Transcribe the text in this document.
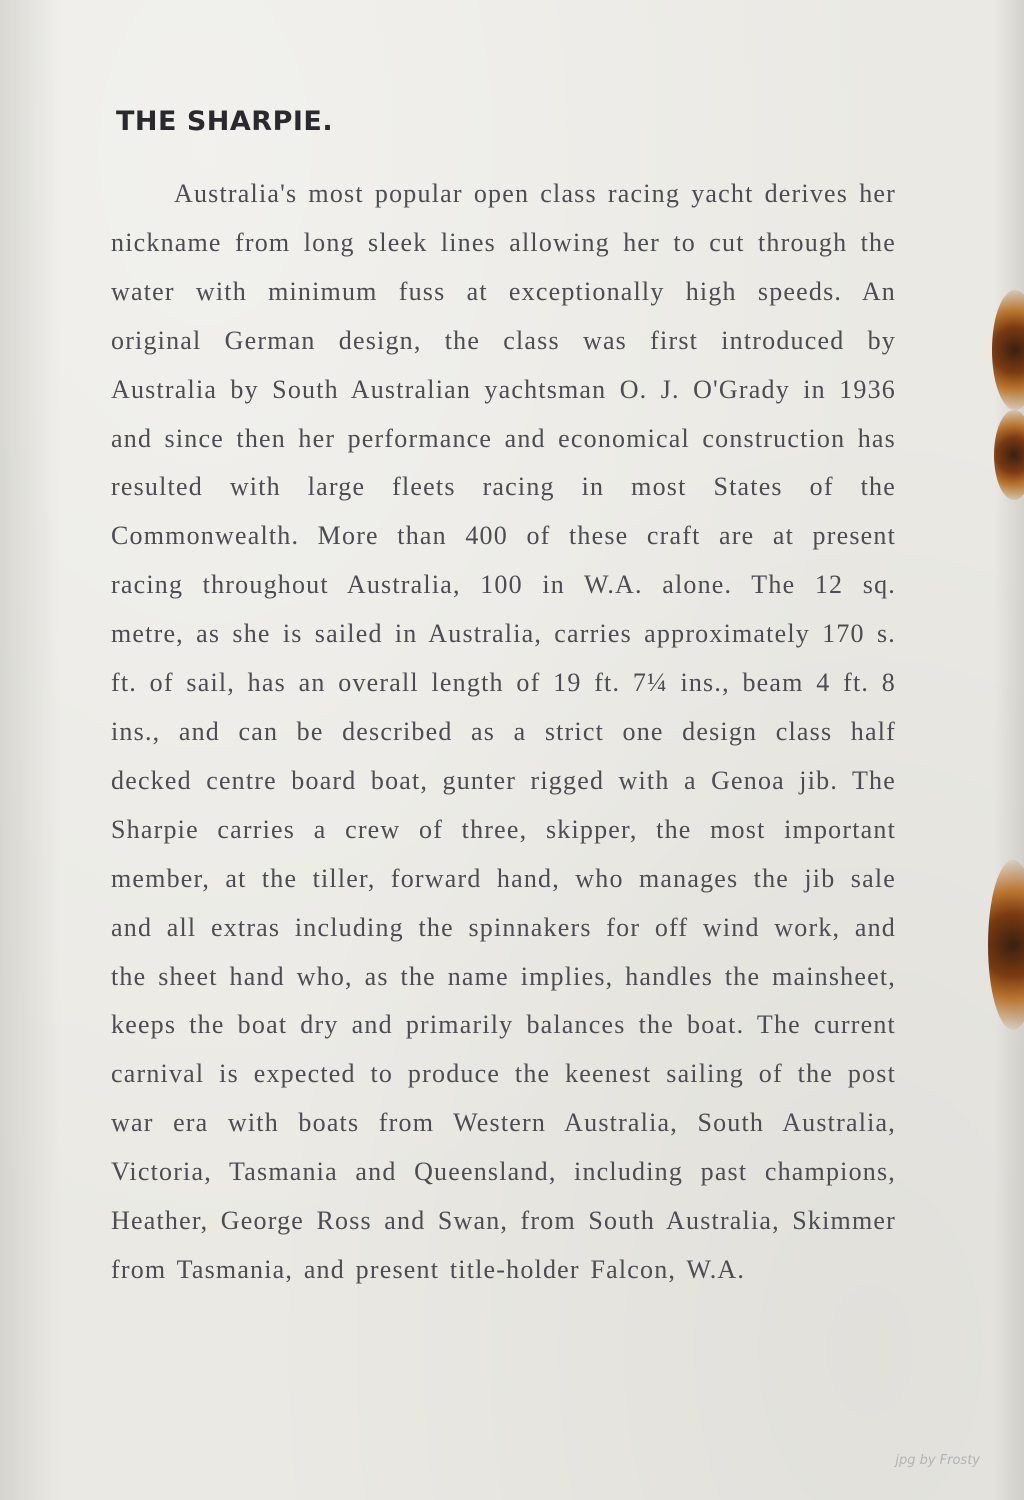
THE SHARPIE.

Australia's most popular open class racing yacht derives her nickname from long sleek lines allowing her to cut through the water with minimum fuss at exceptionally high speeds. An original German design, the class was first introduced by Australia by South Australian yachtsman O. J. O'Grady in 1936 and since then her performance and economical construction has resulted with large fleets racing in most States of the Commonwealth. More than 400 of these craft are at present racing throughout Australia, 100 in W.A. alone. The 12 sq. metre, as she is sailed in Australia, carries approximately 170 s. ft. of sail, has an overall length of 19 ft. 7¼ ins., beam 4 ft. 8 ins., and can be described as a strict one design class half decked centre board boat, gunter rigged with a Genoa jib. The Sharpie carries a crew of three, skipper, the most important member, at the tiller, forward hand, who manages the jib sale and all extras including the spinnakers for off wind work, and the sheet hand who, as the name implies, handles the mainsheet, keeps the boat dry and primarily balances the boat. The current carnival is expected to produce the keenest sailing of the post war era with boats from Western Australia, South Australia, Victoria, Tasmania and Queensland, including past champions, Heather, George Ross and Swan, from South Australia, Skimmer from Tasmania, and present title-holder Falcon, W.A.

jpg by Frosty
